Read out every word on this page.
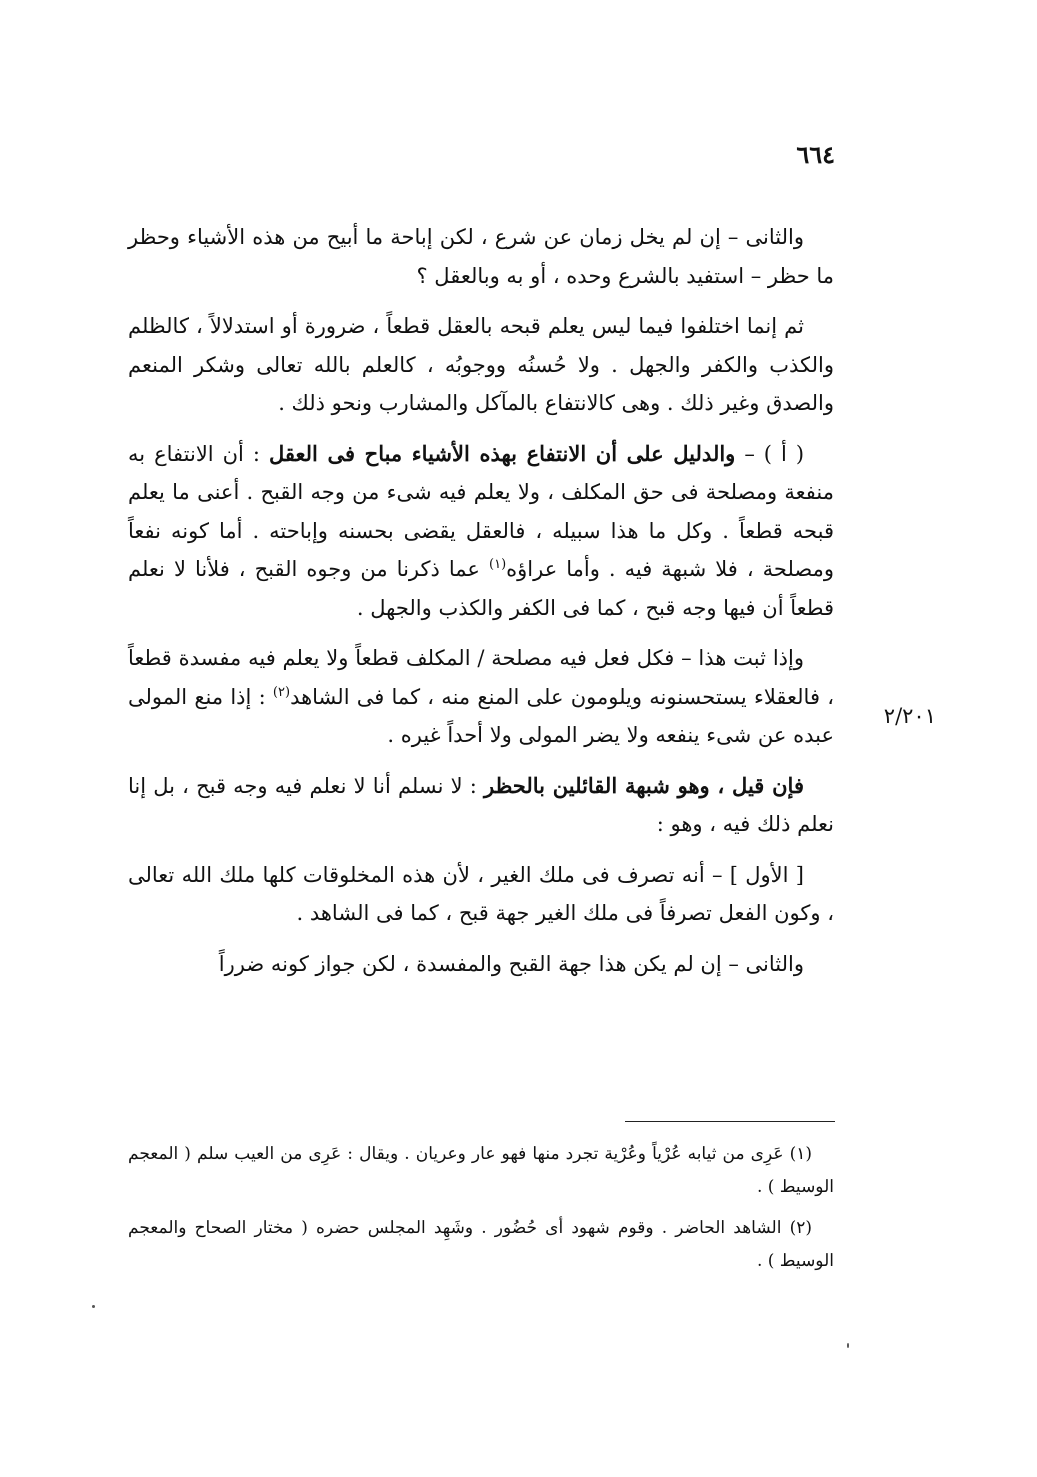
٦٦٤
٢/٢٠١

والثانى – إن لم يخل زمان عن شرع ، لكن إباحة ما أبيح من هذه الأشياء وحظر ما حظر – استفيد بالشرع وحده ، أو به وبالعقل ؟

ثم إنما اختلفوا فيما ليس يعلم قبحه بالعقل قطعاً ، ضرورة أو استدلالاً ، كالظلم والكذب والكفر والجهل . ولا حُسنُه ووجوبُه ، كالعلم بالله تعالى وشكر المنعم والصدق وغير ذلك . وهى كالانتفاع بالمآكل والمشارب ونحو ذلك .

( أ ) – والدليل على أن الانتفاع بهذه الأشياء مباح فى العقل : أن الانتفاع به منفعة ومصلحة فى حق المكلف ، ولا يعلم فيه شىء من وجه القبح . أعنى ما يعلم قبحه قطعاً . وكل ما هذا سبيله ، فالعقل يقضى بحسنه وإباحته . أما كونه نفعاً ومصلحة ، فلا شبهة فيه . وأما عراؤه$^{(١)}$ عما ذكرنا من وجوه القبح ، فلأنا لا نعلم قطعاً أن فيها وجه قبح ، كما فى الكفر والكذب والجهل .

وإذا ثبت هذا – فكل فعل فيه مصلحة / المكلف قطعاً ولا يعلم فيه مفسدة قطعاً ، فالعقلاء يستحسنونه ويلومون على المنع منه ، كما فى الشاهد$^{(٢)}$ : إذا منع المولى عبده عن شىء ينفعه ولا يضر المولى ولا أحداً غيره .

فإن قيل ، وهو شبهة القائلين بالحظر : لا نسلم أنا لا نعلم فيه وجه قبح ، بل إنا نعلم ذلك فيه ، وهو :

[ الأول ] – أنه تصرف فى ملك الغير ، لأن هذه المخلوقات كلها ملك الله تعالى ، وكون الفعل تصرفاً فى ملك الغير جهة قبح ، كما فى الشاهد .

والثانى – إن لم يكن هذا جهة القبح والمفسدة ، لكن جواز كونه ضرراً

(١) عَرِى من ثيابه عُرْياً وعُرْية تجرد منها فهو عار وعريان . ويقال : عَرِى من العيب سلم ( المعجم الوسيط ) .

(٢) الشاهد الحاضر . وقوم شهود أى حُضُور . وشَهِد المجلس حضره ( مختار الصحاح والمعجم الوسيط ) .
